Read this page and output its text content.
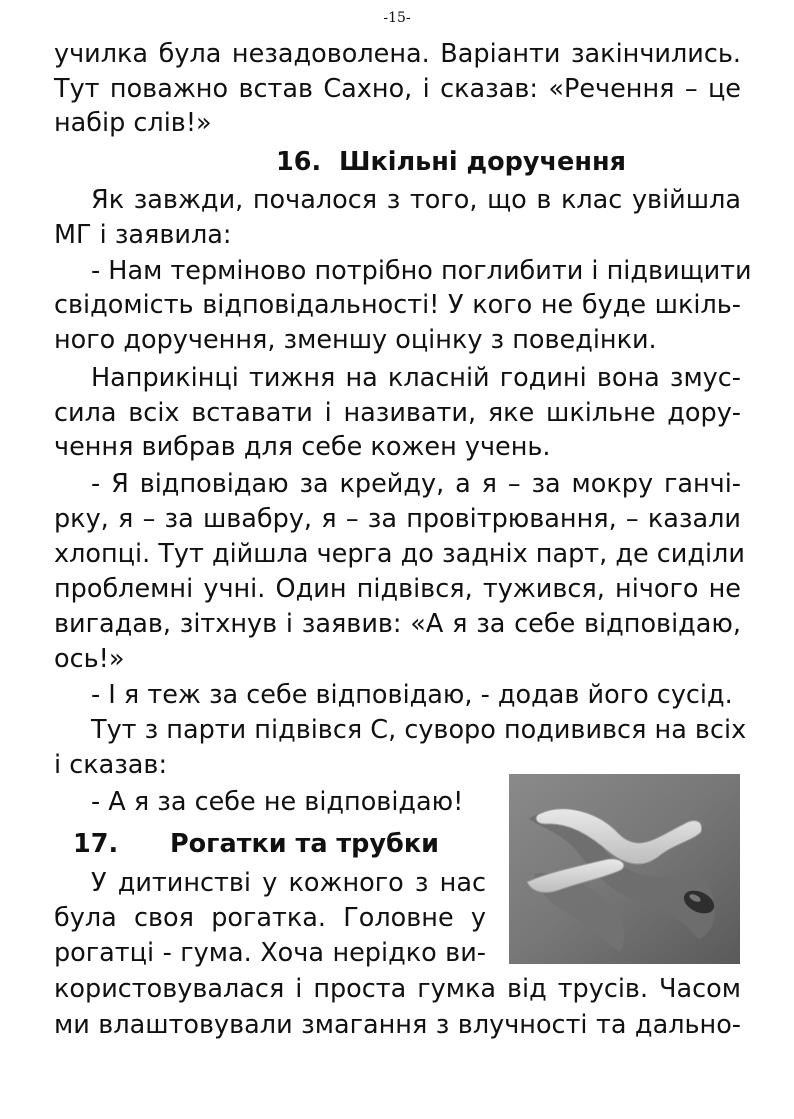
-15-
училка була незадоволена. Варіанти закінчились.
Тут поважно встав Сахно, і сказав: «Речення – це
набір слів!»
16. Шкільні доручення
Як завжди, почалося з того, що в клас увійшла
МГ і заявила:
- Нам терміново потрібно поглибити і підвищити
свідомість відповідальності! У кого не буде шкіль-
ного доручення, зменшу оцінку з поведінки.
Наприкінці тижня на класній годині вона змус-
сила всіх вставати і називати, яке шкільне дору-
чення вибрав для себе кожен учень.
- Я відповідаю за крейду, а я – за мокру ганчі-
рку, я – за швабру, я – за провітрювання, – казали
хлопці. Тут дійшла черга до задніх парт, де сиділи
проблемні учні. Один підвівся, тужився, нічого не
вигадав, зітхнув і заявив: «А я за себе відповідаю,
ось!»
- І я теж за себе відповідаю, - додав його сусід.
Тут з парти підвівся С, суворо подивився на всіх
і сказав:
- А я за себе не відповідаю!
17. Рогатки та трубки
У дитинстві у кожного з нас
була своя рогатка. Головне у
рогатці - гума. Хоча нерідко ви-
користовувалася і проста гумка від трусів. Часом
ми влаштовували змагання з влучності та дально-
